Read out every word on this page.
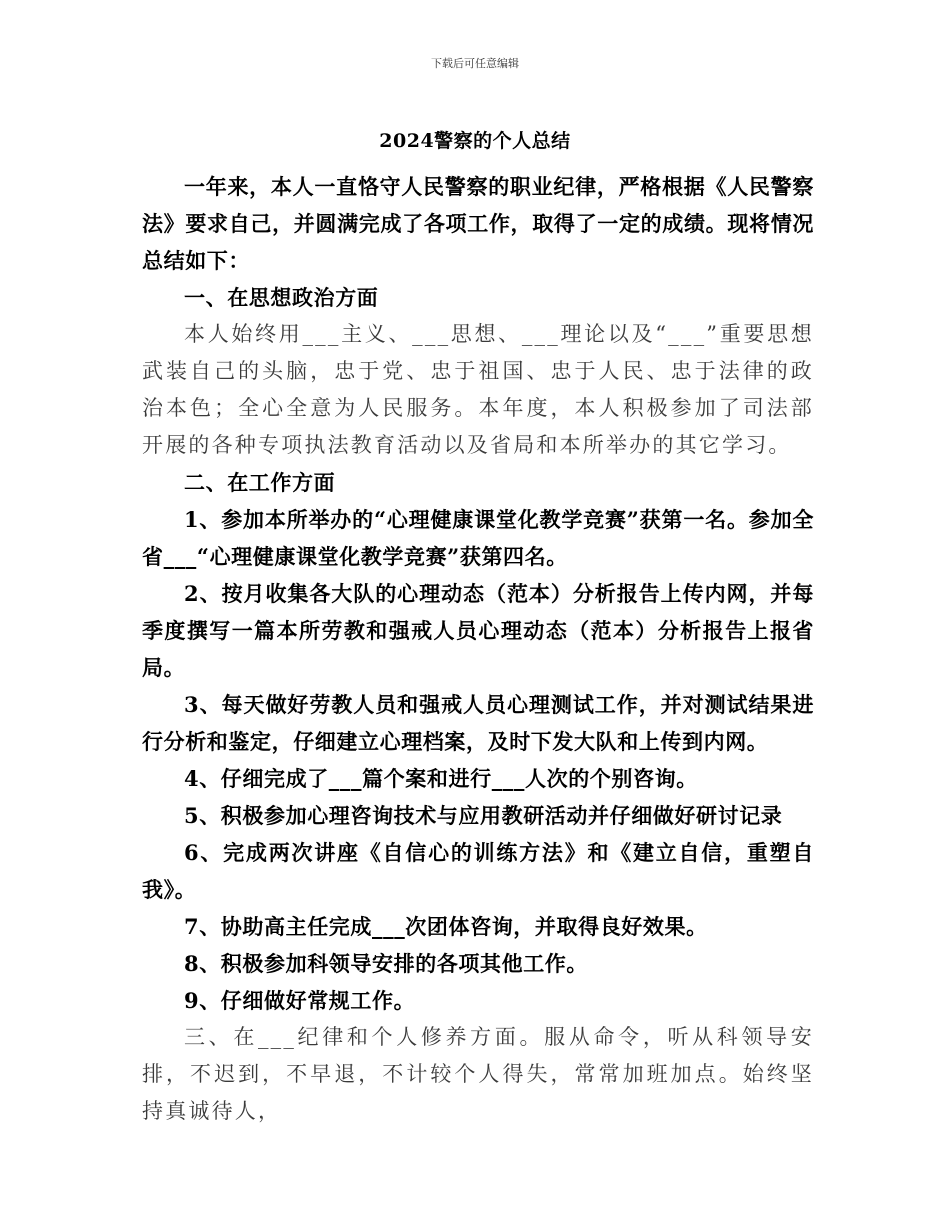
下载后可任意编辑
2024警察的个人总结

一年来，本人一直恪守人民警察的职业纪律，严格根据《人民警察法》要求自己，并圆满完成了各项工作，取得了一定的成绩。现将情况总结如下：

一、在思想政治方面

本人始终用___主义、___思想、___理论以及“___”重要思想武装自己的头脑，忠于党、忠于祖国、忠于人民、忠于法律的政治本色；全心全意为人民服务。本年度，本人积极参加了司法部开展的各种专项执法教育活动以及省局和本所举办的其它学习。

二、在工作方面

1、参加本所举办的“心理健康课堂化教学竞赛”获第一名。参加全省___“心理健康课堂化教学竞赛”获第四名。

2、按月收集各大队的心理动态（范本）分析报告上传内网，并每季度撰写一篇本所劳教和强戒人员心理动态（范本）分析报告上报省局。

3、每天做好劳教人员和强戒人员心理测试工作，并对测试结果进行分析和鉴定，仔细建立心理档案，及时下发大队和上传到内网。

4、仔细完成了___篇个案和进行___人次的个别咨询。

5、积极参加心理咨询技术与应用教研活动并仔细做好研讨记录

6、完成两次讲座《自信心的训练方法》和《建立自信，重塑自我》。

7、协助高主任完成___次团体咨询，并取得良好效果。

8、积极参加科领导安排的各项其他工作。

9、仔细做好常规工作。

三、在___纪律和个人修养方面。服从命令，听从科领导安排，不迟到，不早退，不计较个人得失，常常加班加点。始终坚持真诚待人，
